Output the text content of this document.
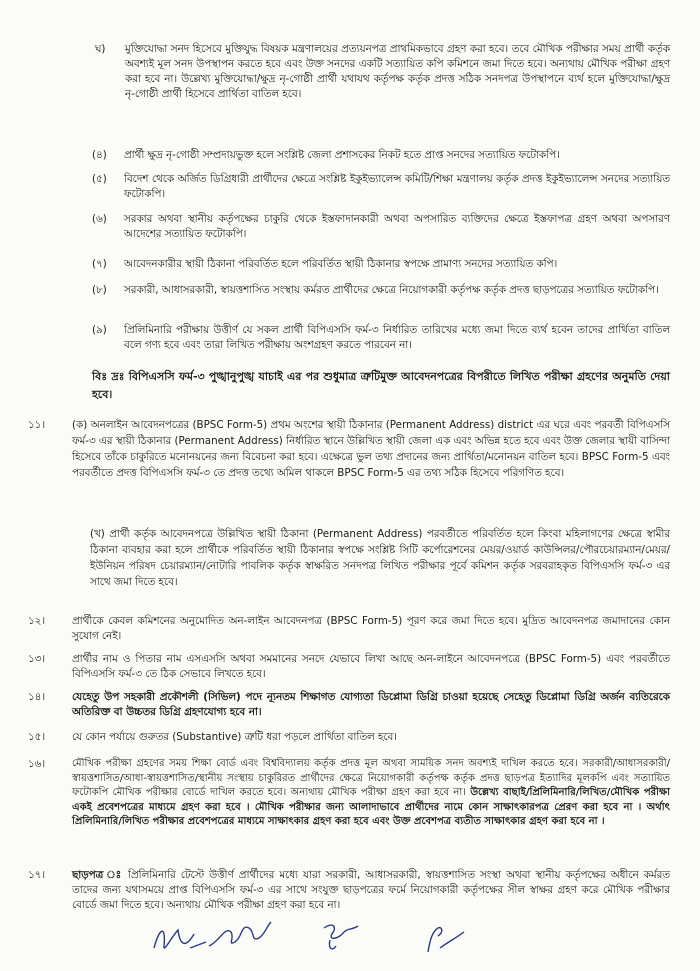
ঘ) মুক্তিযোদ্ধা সনদ হিসেবে মুক্তিযুদ্ধ বিষয়ক মন্ত্রণালয়ের প্রত্যয়নপত্র প্রাথমিকভাবে গ্রহণ করা হবে। তবে মৌখিক পরীক্ষার সময় প্রার্থী কর্তৃক অবশ্যই মূল সনদ উপস্থাপন করতে হবে এবং উক্ত সনদের একটি সত্যায়িত কপি কমিশনে জমা দিতে হবে। অন্যথায় মৌখিক পরীক্ষা গ্রহণ করা হবে না। উল্লেখ্য মুক্তিযোদ্ধা/ক্ষুদ্র নৃ-গোষ্ঠী প্রার্থী যথাযথ কর্তৃপক্ষ কর্তৃক প্রদত্ত সঠিক সনদপত্র উপস্থাপনে ব্যর্থ হলে মুক্তিযোদ্ধা/ক্ষুদ্র নৃ-গোষ্ঠী প্রার্থী হিসেবে প্রার্থিতা বাতিল হবে।
(৪) প্রার্থী ক্ষুদ্র নৃ-গোষ্ঠী সম্প্রদায়ভুক্ত হলে সংশ্লিষ্ট জেলা প্রশাসকের নিকট হতে প্রাপ্ত সনদের সত্যায়িত ফটোকপি।
(৫) বিদেশ থেকে অর্জিত ডিগ্রিধারী প্রার্থীদের ক্ষেত্রে সংশ্লিষ্ট ইকুইভ্যালেন্স কমিটি/শিক্ষা মন্ত্রণালয় কর্তৃক প্রদত্ত ইকুইভ্যালেন্স সনদের সত্যায়িত ফটোকপি।
(৬) সরকার অথবা স্থানীয় কর্তৃপক্ষের চাকুরি থেকে ইস্তফাদানকারী অথবা অপসারিত ব্যক্তিদের ক্ষেত্রে ইস্তফাপত্র গ্রহণ অথবা অপসারণ আদেশের সত্যায়িত ফটোকপি।
(৭) আবেদনকারীর স্থায়ী ঠিকানা পরিবর্তিত হলে পরিবর্তিত স্থায়ী ঠিকানার স্বপক্ষে প্রামাণ্য সনদের সত্যায়িত কপি।
(৮) সরকারী, আধাসরকারী, স্বায়ত্তশাসিত সংস্থায় কর্মরত প্রার্থীদের ক্ষেত্রে নিয়োগকারী কর্তৃপক্ষ কর্তৃক প্রদত্ত ছাড়পত্রের সত্যায়িত ফটোকপি।
(৯) প্রিলিমিনারি পরীক্ষায় উত্তীর্ণ যে সকল প্রার্থী বিপিএসসি ফর্ম-৩ নির্ধারিত তারিখের মধ্যে জমা দিতে ব্যর্থ হবেন তাদের প্রার্থিতা বাতিল বলে গণ্য হবে এবং তারা লিখিত পরীক্ষায় অংশগ্রহণ করতে পারবেন না।
বিঃ দ্রঃ বিপিএসসি ফর্ম-৩ পুঙ্খানুপুঙ্খ যাচাই এর পর শুধুমাত্র ত্রুটিমুক্ত আবেদনপত্রের বিপরীতে লিখিত পরীক্ষা গ্রহণের অনুমতি দেয়া হবে।
১১।	(ক) অনলাইন আবেদনপত্রের (BPSC Form-5) প্রথম অংশের স্থায়ী ঠিকানার (Permanent Address) district এর ঘরে এবং পরবর্তী বিপিএসসি ফর্ম-৩ এর স্থায়ী ঠিকানার (Permanent Address) নির্ধারিত স্থানে উল্লিখিত স্থায়ী জেলা এক এবং অভিন্ন হতে হবে এবং উক্ত জেলার স্থায়ী বাসিন্দা হিসেবে তাঁকে চাকুরিতে মনোনয়নের জন্য বিবেচনা করা হবে। এক্ষেত্রে ভুল তথ্য প্রদানের জন্য প্রার্থিতা/মনোনয়ন বাতিল হবে। BPSC Form-5 এবং পরবর্তীতে প্রদত্ত বিপিএসসি ফর্ম-৩ তে প্রদত্ত তথ্যে অমিল থাকলে BPSC Form-5 এর তথ্য সঠিক হিসেবে পরিগণিত হবে।
(খ) প্রার্থী কর্তৃক আবেদনপত্রে উল্লিখিত স্থায়ী ঠিকানা (Permanent Address) পরবর্তীতে পরিবর্তিত হলে কিংবা মহিলাগণের ক্ষেত্রে স্বামীর ঠিকানা ব্যবহার করা হলে প্রার্থীকে পরিবর্তিত স্থায়ী ঠিকানার স্বপক্ষে সংশ্লিষ্ট সিটি কর্পোরেশনের মেয়র/ওয়ার্ড কাউন্সিলর/পৌরচেয়ারম্যান/মেয়র/ইউনিয়ন পরিষদ চেয়ারম্যান/নোটারি পাবলিক কর্তৃক স্বাক্ষরিত সনদপত্র লিখিত পরীক্ষার পূর্বে কমিশন কর্তৃক সরবরাহকৃত বিপিএসসি ফর্ম-৩ এর সাথে জমা দিতে হবে।
১২।	প্রার্থীকে কেবল কমিশনের অনুমোদিত অন-লাইন আবেদনপত্র (BPSC Form-5) পূরণ করে জমা দিতে হবে। মুদ্রিত আবেদনপত্র জমাদানের কোন সুযোগ নেই।
১৩।	প্রার্থীর নাম ও পিতার নাম এসএসসি অথবা সমমানের সনদে যেভাবে লিখা আছে অন-লাইনে আবেদনপত্রে (BPSC Form-5) এবং পরবর্তীতে বিপিএসসি ফর্ম-৩ তে ঠিক সেভাবে লিখতে হবে।
১৪।	যেহেতু উপ সহকারী প্রকৌশলী (সিভিল) পদে ন্যূনতম শিক্ষাগত যোগ্যতা ডিপ্লোমা ডিগ্রি চাওয়া হয়েছে সেহেতু ডিপ্লোমা ডিগ্রি অর্জন ব্যতিরেকে অতিরিক্ত বা উচ্চতর ডিগ্রি গ্রহণযোগ্য হবে না।
১৫।	যে কোন পর্যায়ে গুরুতর (Substantive) ত্রুটি ধরা পড়লে প্রার্থিতা বাতিল হবে।
১৬।	মৌখিক পরীক্ষা গ্রহণের সময় শিক্ষা বোর্ড এবং বিশ্ববিদ্যালয় কর্তৃক প্রদত্ত মূল অথবা সাময়িক সনদ অবশ্যই দাখিল করতে হবে। সরকারী/আধাসরকারী/স্বায়ত্তশাসিত/আধা-স্বায়ত্তশাসিত/স্থানীয় সংস্থায় চাকুরিরত প্রার্থীদের ক্ষেত্রে নিয়োগকারী কর্তৃপক্ষ কর্তৃক প্রদত্ত ছাড়পত্র ইত্যাদির মূলকপি এবং সত্যায়িত ফটোকপি মৌখিক পরীক্ষার বোর্ডে দাখিল করতে হবে। অন্যথায় মৌখিক পরীক্ষা গ্রহণ করা হবে না। উল্লেখ্য বাছাই/প্রিলিমিনারি/লিখিত/মৌখিক পরীক্ষা একই প্রবেশপত্রের মাধ্যমে গ্রহণ করা হবে । মৌখিক পরীক্ষার জন্য আলাদাভাবে প্রার্থীদের নামে কোন সাক্ষাৎকারপত্র প্রেরণ করা হবে না । অর্থাৎ প্রিলিমিনারি/লিখিত পরীক্ষার প্রবেশপত্রের মাধ্যমে সাক্ষাৎকার গ্রহণ করা হবে এবং উক্ত প্রবেশপত্র ব্যতীত সাক্ষাৎকার গ্রহণ করা হবে না ।
১৭।	ছাড়পত্র ঃ প্রিলিমিনারি টেস্টে উত্তীর্ণ প্রার্থীদের মধ্যে যারা সরকারী, আধাসরকারী, স্বায়ত্তশাসিত সংস্থা অথবা স্থানীয় কর্তৃপক্ষের অধীনে কর্মরত তাদের জন্য যথাসময়ে প্রাপ্ত বিপিএসসি ফর্ম-৩ এর সাথে সংযুক্ত ছাড়পত্রের ফর্মে নিয়োগকারী কর্তৃপক্ষের সীল স্বাক্ষর গ্রহণ করে মৌখিক পরীক্ষার বোর্ডে জমা দিতে হবে। অন্যথায় মৌখিক পরীক্ষা গ্রহণ করা হবে না।
